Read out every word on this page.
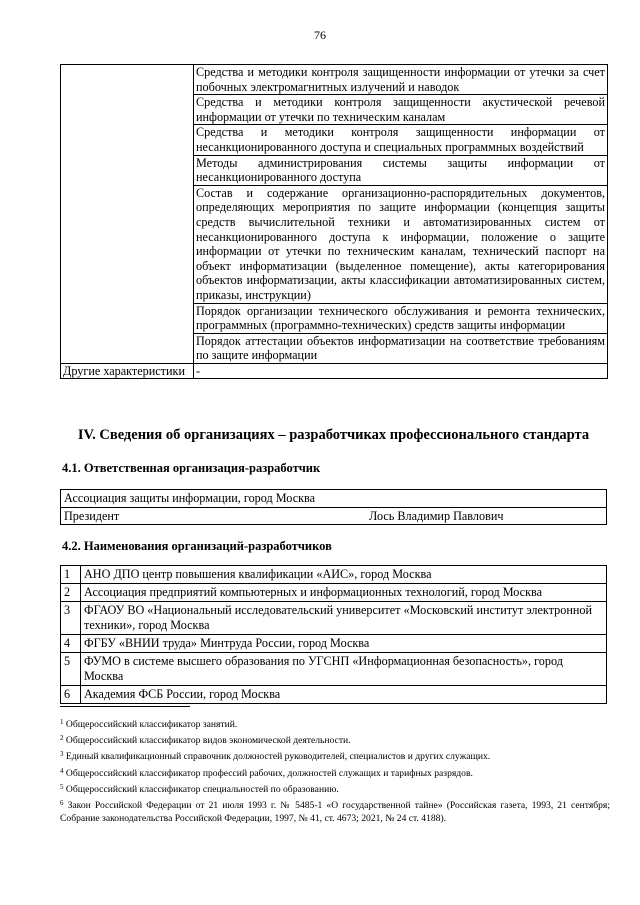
76
	Средства и методики контроля защищенности информации от утечки за счет побочных электромагнитных излучений и наводок
	Средства и методики контроля защищенности акустической речевой информации от утечки по техническим каналам
	Средства и методики контроля защищенности информации от несанкционированного доступа и специальных программных воздействий
	Методы администрирования системы защиты информации от несанкционированного доступа
	Состав и содержание организационно-распорядительных документов, определяющих мероприятия по защите информации (концепция защиты средств вычислительной техники и автоматизированных систем от несанкционированного доступа к информации, положение о защите информации от утечки по техническим каналам, технический паспорт на объект информатизации (выделенное помещение), акты категорирования объектов информатизации, акты классификации автоматизированных систем, приказы, инструкции)
	Порядок организации технического обслуживания и ремонта технических, программных (программно-технических) средств защиты информации
	Порядок аттестации объектов информатизации на соответствие требованиям по защите информации
Другие характеристики	-
IV. Сведения об организациях – разработчиках профессионального стандарта
4.1. Ответственная организация-разработчик
Ассоциация защиты информации, город Москва
Президент	Лось Владимир Павлович
4.2. Наименования организаций-разработчиков
1	АНО ДПО центр повышения квалификации «АИС», город Москва
2	Ассоциация предприятий компьютерных и информационных технологий, город Москва
3	ФГАОУ ВО «Национальный исследовательский университет «Московский институт электронной техники», город Москва
4	ФГБУ «ВНИИ труда» Минтруда России, город Москва
5	ФУМО в системе высшего образования по УГСНП «Информационная безопасность», город Москва
6	Академия ФСБ России, город Москва
$^1$ Общероссийский классификатор занятий.
$^2$ Общероссийский классификатор видов экономической деятельности.
$^3$ Единый квалификационный справочник должностей руководителей, специалистов и других служащих.
$^4$ Общероссийский классификатор профессий рабочих, должностей служащих и тарифных разрядов.
$^5$ Общероссийский классификатор специальностей по образованию.
$^6$ Закон Российской Федерации от 21 июля 1993 г. № 5485-1 «О государственной тайне» (Российская газета, 1993, 21 сентября; Собрание законодательства Российской Федерации, 1997, № 41, ст. 4673; 2021, № 24 ст. 4188).
